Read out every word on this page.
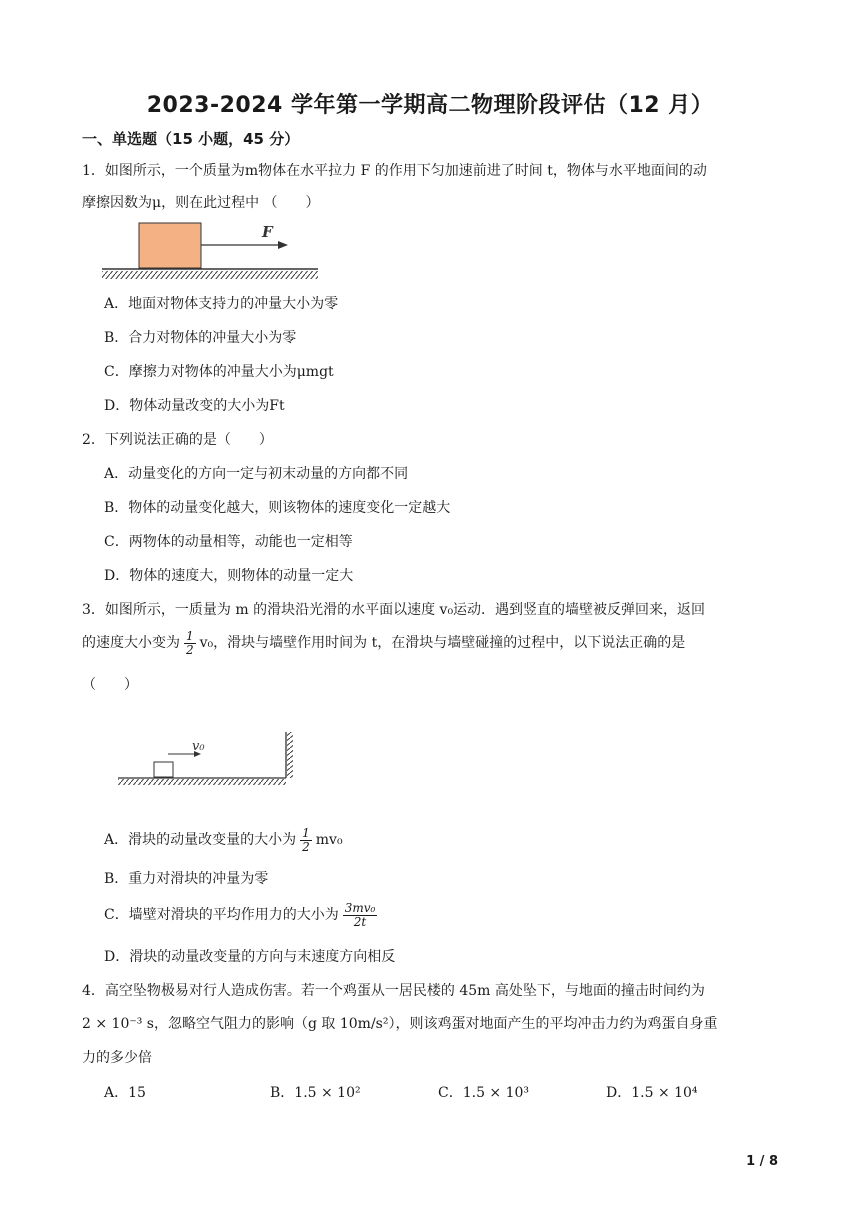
2023-2024 学年第一学期高二物理阶段评估（12 月）
一、单选题（15 小题，45 分）
1．如图所示，一个质量为m物体在水平拉力 F 的作用下匀加速前进了时间 t，物体与水平地面间的动
摩擦因数为μ，则在此过程中 （　　）
F
A．地面对物体支持力的冲量大小为零
B．合力对物体的冲量大小为零
C．摩擦力对物体的冲量大小为μmgt
D．物体动量改变的大小为Ft
2．下列说法正确的是（　　）
A．动量变化的方向一定与初末动量的方向都不同
B．物体的动量变化越大，则该物体的速度变化一定越大
C．两物体的动量相等，动能也一定相等
D．物体的速度大，则物体的动量一定大
3．如图所示，一质量为 m 的滑块沿光滑的水平面以速度 v₀运动．遇到竖直的墙壁被反弹回来，返回
的速度大小变为 $\frac{1}{2} v_0$，滑块与墙壁作用时间为 t，在滑块与墙壁碰撞的过程中，以下说法正确的是
（　　）
v₀
A．滑块的动量改变量的大小为 $\frac{1}{2} mv_0$
B．重力对滑块的冲量为零
C．墙壁对滑块的平均作用力的大小为 $\frac{\text{3mv₀}}{2t}$
D．滑块的动量改变量的方向与末速度方向相反
4．高空坠物极易对行人造成伤害。若一个鸡蛋从一居民楼的 45m 高处坠下，与地面的撞击时间约为
2 × 10⁻³ s，忽略空气阻力的影响（g 取 10m/s²），则该鸡蛋对地面产生的平均冲击力约为鸡蛋自身重
力的多少倍
A．15	B．1.5 × 10²	C．1.5 × 10³	D．1.5 × 10⁴
1 / 8
